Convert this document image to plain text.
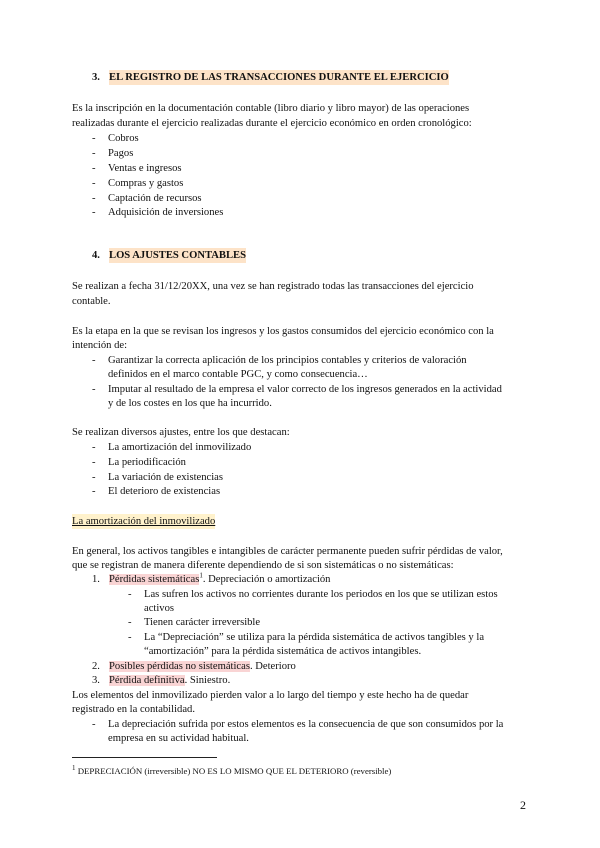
3. EL REGISTRO DE LAS TRANSACCIONES DURANTE EL EJERCICIO
Es la inscripción en la documentación contable (libro diario y libro mayor) de las operaciones
realizadas durante el ejercicio realizadas durante el ejercicio económico en orden cronológico:
- Cobros
- Pagos
- Ventas e ingresos
- Compras y gastos
- Captación de recursos
- Adquisición de inversiones
4. LOS AJUSTES CONTABLES
Se realizan a fecha 31/12/20XX, una vez se han registrado todas las transacciones del ejercicio
contable.
Es la etapa en la que se revisan los ingresos y los gastos consumidos del ejercicio económico con la
intención de:
- Garantizar la correcta aplicación de los principios contables y criterios de valoración
definidos en el marco contable PGC, y como consecuencia…
- Imputar al resultado de la empresa el valor correcto de los ingresos generados en la actividad
y de los costes en los que ha incurrido.
Se realizan diversos ajustes, entre los que destacan:
- La amortización del inmovilizado
- La periodificación
- La variación de existencias
- El deterioro de existencias
La amortización del inmovilizado
En general, los activos tangibles e intangibles de carácter permanente pueden sufrir pérdidas de valor,
que se registran de manera diferente dependiendo de si son sistemáticas o no sistemáticas:
1. Pérdidas sistemáticas$^1$. Depreciación o amortización
- Las sufren los activos no corrientes durante los periodos en los que se utilizan estos
activos
- Tienen carácter irreversible
- La “Depreciación” se utiliza para la pérdida sistemática de activos tangibles y la
“amortización” para la pérdida sistemática de activos intangibles.
2. Posibles pérdidas no sistemáticas. Deterioro
3. Pérdida definitiva. Siniestro.
Los elementos del inmovilizado pierden valor a lo largo del tiempo y este hecho ha de quedar
registrado en la contabilidad.
- La depreciación sufrida por estos elementos es la consecuencia de que son consumidos por la
empresa en su actividad habitual.
$^1$ DEPRECIACIÓN (irreversible) NO ES LO MISMO QUE EL DETERIORO (reversible)
2
